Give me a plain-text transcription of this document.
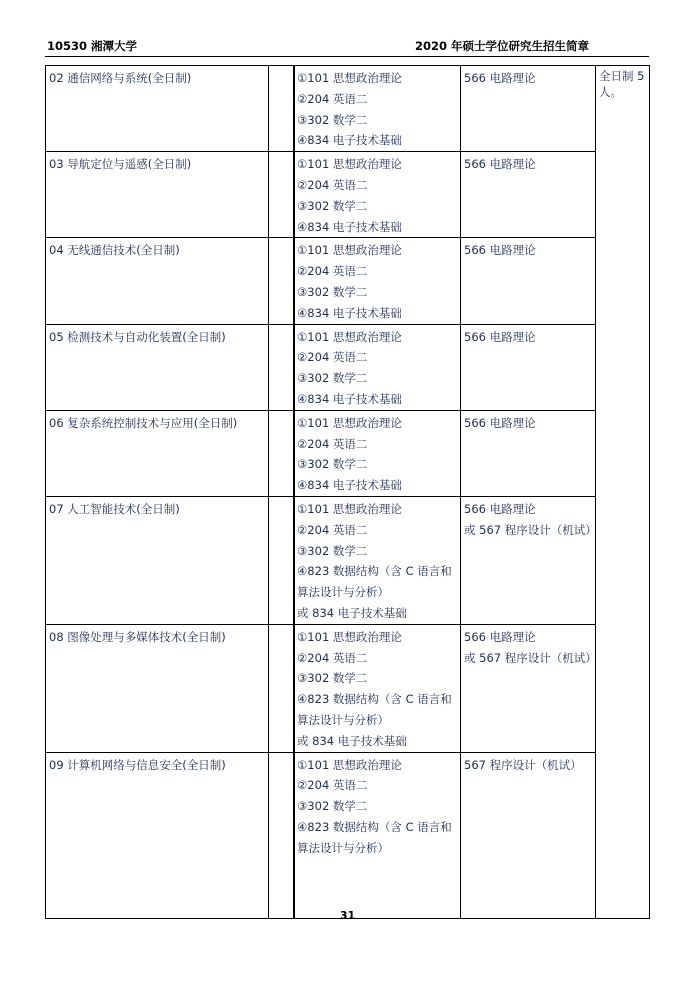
10530 湘潭大学	2020 年硕士学位研究生招生简章
02 通信网络与系统(全日制)			①101 思想政治理论
②204 英语二
③302 数学二
④834 电子技术基础	566 电路理论	全日制 5 人。

03 导航定位与遥感(全日制)			①101 思想政治理论
②204 英语二
③302 数学二
④834 电子技术基础	566 电路理论	

04 无线通信技术(全日制)			①101 思想政治理论
②204 英语二
③302 数学二
④834 电子技术基础	566 电路理论	

05 检测技术与自动化装置(全日制)			①101 思想政治理论
②204 英语二
③302 数学二
④834 电子技术基础	566 电路理论	

06 复杂系统控制技术与应用(全日制)			①101 思想政治理论
②204 英语二
③302 数学二
④834 电子技术基础	566 电路理论	

07 人工智能技术(全日制)			①101 思想政治理论
②204 英语二
③302 数学二
④823 数据结构（含 C 语言和算法设计与分析）
或 834 电子技术基础	566 电路理论
或 567 程序设计（机试）	

08 图像处理与多媒体技术(全日制)			①101 思想政治理论
②204 英语二
③302 数学二
④823 数据结构（含 C 语言和算法设计与分析）
或 834 电子技术基础	566 电路理论
或 567 程序设计（机试）	

09 计算机网络与信息安全(全日制)			①101 思想政治理论
②204 英语二
③302 数学二
④823 数据结构（含 C 语言和算法设计与分析）	567 程序设计（机试）	
31
